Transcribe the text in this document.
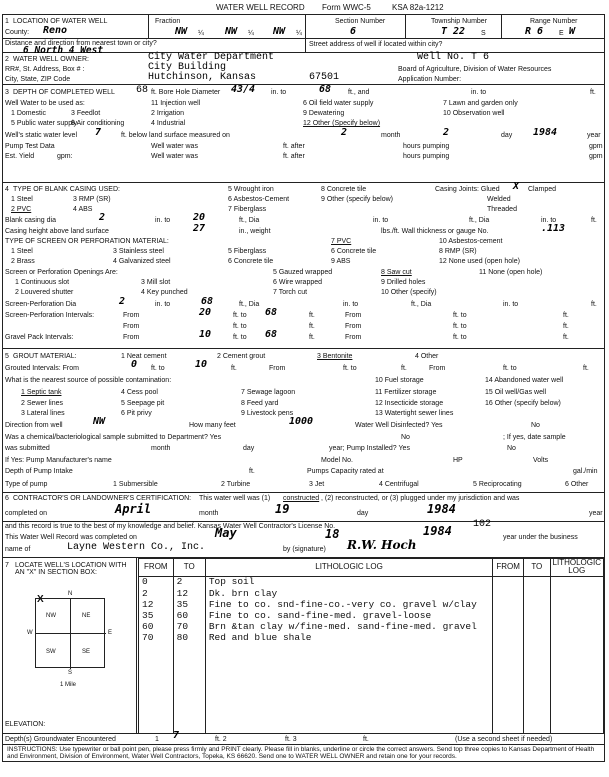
WATER WELL RECORD Form WWC-5	KSA 82a-1212
1 LOCATION OF WATER WELL
County: Reno
Fraction
NW ¼ NW ¼ NW ¼
Section Number
6
Township Number
T 22 S
Range Number
R 6 E W
Distance and direction from nearest town or city?
6 North 4 West
Street address of well if located within city?
2 WATER WELL OWNER:	City Water Department	Well No. T 6
RR#, St. Address, Box # :	City Building	Board of Agriculture, Division of Water Resources
City, State, ZIP Code	Hutchinson, Kansas	67501	Application Number:
3 DEPTH OF COMPLETED WELL 68 ft. Bore Hole Diameter 43/4 in. to	68 ft., and	in. to	ft.
Well Water to be used as:	11 Injection well	6 Oil field water supply	7 Lawn and garden only
1 Domestic	3 Feedlot	2 Irrigation	9 Dewatering	10 Observation well
5 Public water supply
8 Air conditioning	4 Industrial	12 Other (Specify below)
Well's static water level 7	ft. below land surface measured on	2	month	2	day 1984	year
Pump Test Data	Well water was	ft. after	hours pumping	gpm
Est. Yield	gpm:	Well water was	ft. after	hours pumping	gpm
4 TYPE OF BLANK CASING USED:	5 Wrought iron	8 Concrete tile	Casing Joints: Glued X Clamped
1 Steel	3 RMP (SR)	6 Asbestos-Cement	9 Other (specify below)	Welded
2 PVC	4 ABS	7 Fiberglass	Threaded
Blank casing dia	2	in. to 20	ft., Dia	in. to	ft., Dia	in. to	ft.
Casing height above land surface	27	in., weight	lbs./ft. Wall thickness or gauge No.	.113
TYPE OF SCREEN OR PERFORATION MATERIAL:	7 PVC	10 Asbestos-cement
1 Steel	3 Stainless steel	5 Fiberglass	6 Concrete tile	8 RMP (SR)
2 Brass	4 Galvanized steel	6 Concrete tile	9 ABS	12 None used (open hole)
Screen or Perforation Openings Are:	5 Gauzed wrapped	8 Saw cut	11 None (open hole)
1 Continuous slot	3 Mill slot	6 Wire wrapped	9 Drilled holes
2 Louvered shutter	4 Key punched	7 Torch cut	10 Other (specify)
Screen-Perforation Dia	2	in. to	68	ft., Dia	in. to	ft., Dia	in. to	ft.
Screen-Perforation Intervals:	From	20	ft. to 68	ft.	From	ft. to	ft.
From	ft. to	ft.	From	ft. to	ft.
Gravel Pack Intervals:	From	10	ft. to 68	ft.	From	ft. to	ft.
5 GROUT MATERIAL:	1 Neat cement	2 Cement grout	3 Bentonite	4 Other
Grouted Intervals: From	0 ft. to	10	ft.	From	ft. to	ft.	From	ft. to	ft.
What is the nearest source of possible contamination:	10 Fuel storage	14 Abandoned water well
1 Septic tank	4 Cess pool	7 Sewage lagoon	11 Fertilizer storage	15 Oil well/Gas well
2 Sewer lines	5 Seepage pit	8 Feed yard	12 Insecticide storage	16 Other (specify below)
3 Lateral lines	6 Pit privy	9 Livestock pens	13 Watertight sewer lines
Direction from well	NW	How many feet	1000	Water Well Disinfected? Yes	No
Was a chemical/bacteriological sample submitted to Department? Yes	No	; If yes, date sample
was submitted	month	day	year; Pump Installed? Yes	No
If Yes: Pump Manufacturer's name	Model No.	HP	Volts
Depth of Pump Intake	ft.	Pumps Capacity rated at	gal./min
Type of pump	1 Submersible	2 Turbine	3 Jet	4 Centrifugal	5 Reciprocating	6 Other
6 CONTRACTOR'S OR LANDOWNER'S CERTIFICATION: This water well was (1) constructed , (2) reconstructed, or (3) plugged under my jurisdiction and was
completed on	April	month	19	day	1984	year
and this record is true to the best of my knowledge and belief. Kansas Water Well Contractor's License No.	102
This Water Well Record was completed on	May	18	1984	year under the business
name of	Layne Western Co., Inc.	by (signature) R.W. Hoch
7 LOCATE WELL'S LOCATION WITH AN "X" IN SECTION BOX:
NW	NE
SW	SE
X	N
S
W	E
1 Mile
FROM	TO	LITHOLOGIC LOG	FROM	TO	LITHOLOGIC LOG
0	2	Top soil			
2	12	Dk. brn clay			
12	35	Fine to co. snd-fine-co.-very co. gravel w/clay			
35	60	Fine to co. sand-fine-med. gravel-loose			
60	70	Brn &tan clay w/fine-med. sand-fine-med. gravel			
70	80	Red and blue shale			

ELEVATION:
Depth(s) Groundwater Encountered	1 7	ft. 2	ft. 3	ft.	(Use a second sheet if needed)
INSTRUCTIONS: Use typewriter or ball point pen, please press firmly and PRINT clearly. Please fill in blanks, underline or circle the correct answers. Send top three copies to Kansas Department of Health and Environment, Division of Environment, Water Well Contractors, Topeka, KS 66620. Send one to WATER WELL OWNER and retain one for your records.
